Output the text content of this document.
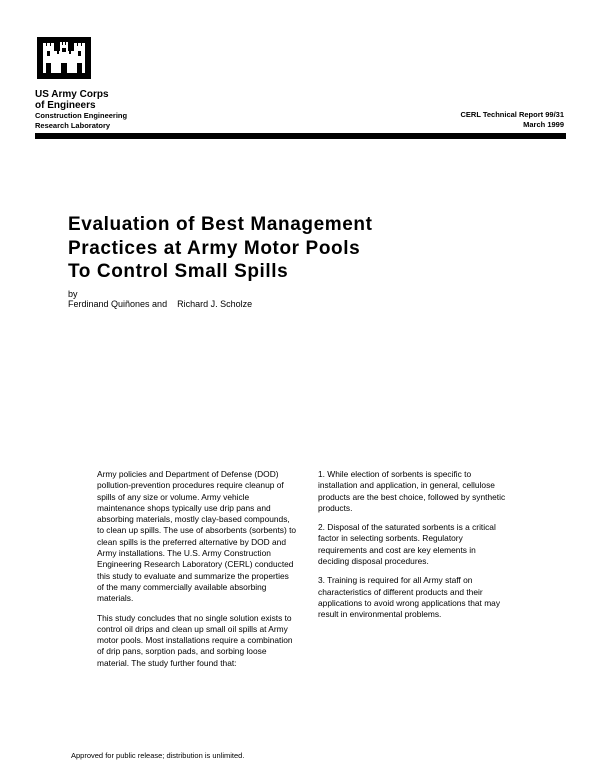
US Army Corps
of Engineers
Construction Engineering
Research Laboratory
CERL Technical Report 99/31
March 1999
Evaluation of Best Management
Practices at Army Motor Pools
To Control Small Spills
by
Ferdinand Quiñones and Richard J. Scholze

Army policies and Department of Defense (DOD) pollution-prevention procedures require cleanup of spills of any size or volume. Army vehicle maintenance shops typically use drip pans and absorbing materials, mostly clay-based compounds, to clean up spills. The use of absorbents (sorbents) to clean spills is the preferred alternative by DOD and Army installations. The U.S. Army Construction Engineering Research Laboratory (CERL) conducted this study to evaluate and summarize the properties of the many commercially available absorbing materials.

This study concludes that no single solution exists to control oil drips and clean up small oil spills at Army motor pools. Most installations require a combination of drip pans, sorption pads, and sorbing loose material. The study further found that:

1. While election of sorbents is specific to installation and application, in general, cellulose products are the best choice, followed by synthetic products.

2. Disposal of the saturated sorbents is a critical factor in selecting sorbents. Regulatory requirements and cost are key elements in deciding disposal procedures.

3. Training is required for all Army staff on characteristics of different products and their applications to avoid wrong applications that may result in environmental problems.

Approved for public release; distribution is unlimited.
